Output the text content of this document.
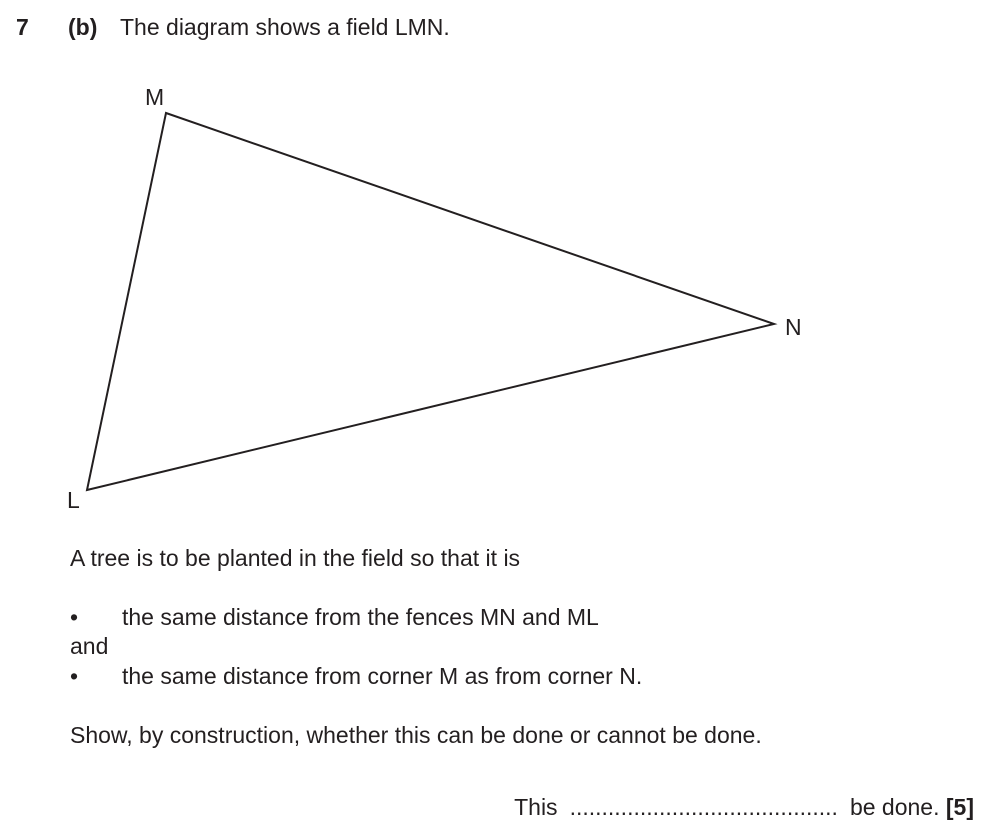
7 (b) The diagram shows a field LMN.
M
N
L
A tree is to be planted in the field so that it is
• the same distance from the fences MN and ML
and
• the same distance from corner M as from corner N.
Show, by construction, whether this can be done or cannot be done.
This .......................................... be done. [5]
